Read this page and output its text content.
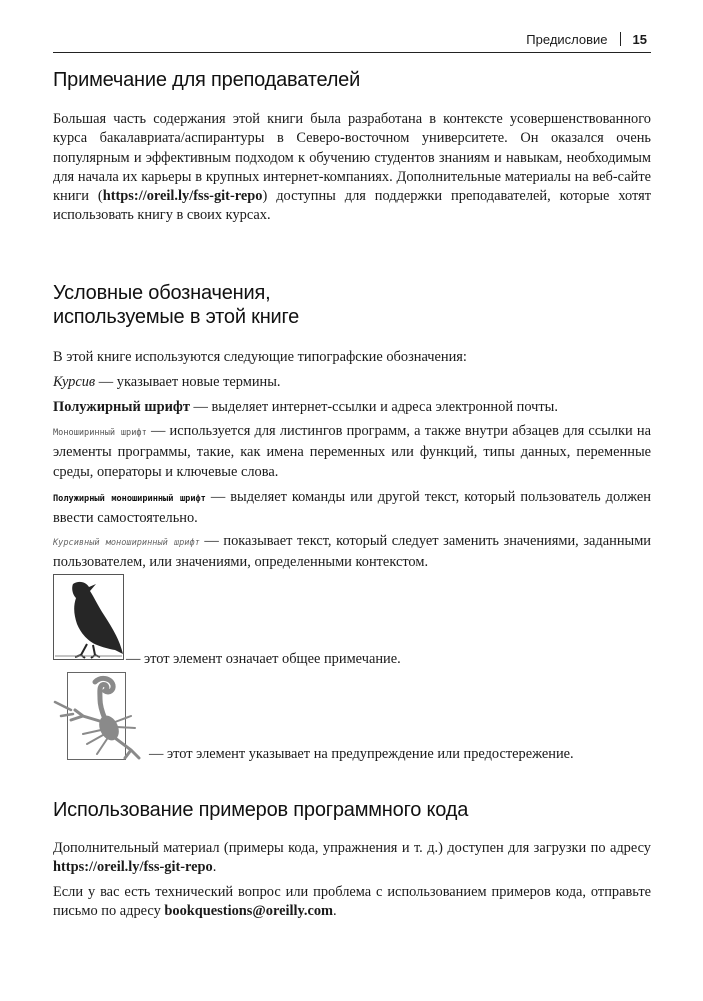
Предисловие 15
Примечание для преподавателей

Большая часть содержания этой книги была разработана в контексте усовершенствованного курса бакалавриата/аспирантуры в Северо-восточном университете. Он оказался очень популярным и эффективным подходом к обучению студентов знаниям и навыкам, необходимым для начала их карьеры в крупных интернет-компаниях. Дополнительные материалы на веб-сайте книги (https://oreil.ly/fss-git-repo) доступны для поддержки преподавателей, которые хотят использовать книгу в своих курсах.

Условные обозначения,
используемые в этой книге

В этой книге используются следующие типографские обозначения:

Курсив — указывает новые термины.

Полужирный шрифт — выделяет интернет-ссылки и адреса электронной почты.

Моноширинный шрифт — используется для листингов программ, а также внутри абзацев для ссылки на элементы программы, такие, как имена переменных или функций, типы данных, переменные среды, операторы и ключевые слова.

Полужирный моноширинный шрифт — выделяет команды или другой текст, который пользователь должен ввести самостоятельно.

Курсивный моноширинный шрифт — показывает текст, который следует заменить значениями, заданными пользователем, или значениями, определенными контекстом.

— этот элемент означает общее примечание.
— этот элемент указывает на предупреждение или предостережение.
Использование примеров программного кода

Дополнительный материал (примеры кода, упражнения и т. д.) доступен для загрузки по адресу https://oreil.ly/fss-git-repo.

Если у вас есть технический вопрос или проблема с использованием примеров кода, отправьте письмо по адресу bookquestions@oreilly.com.
